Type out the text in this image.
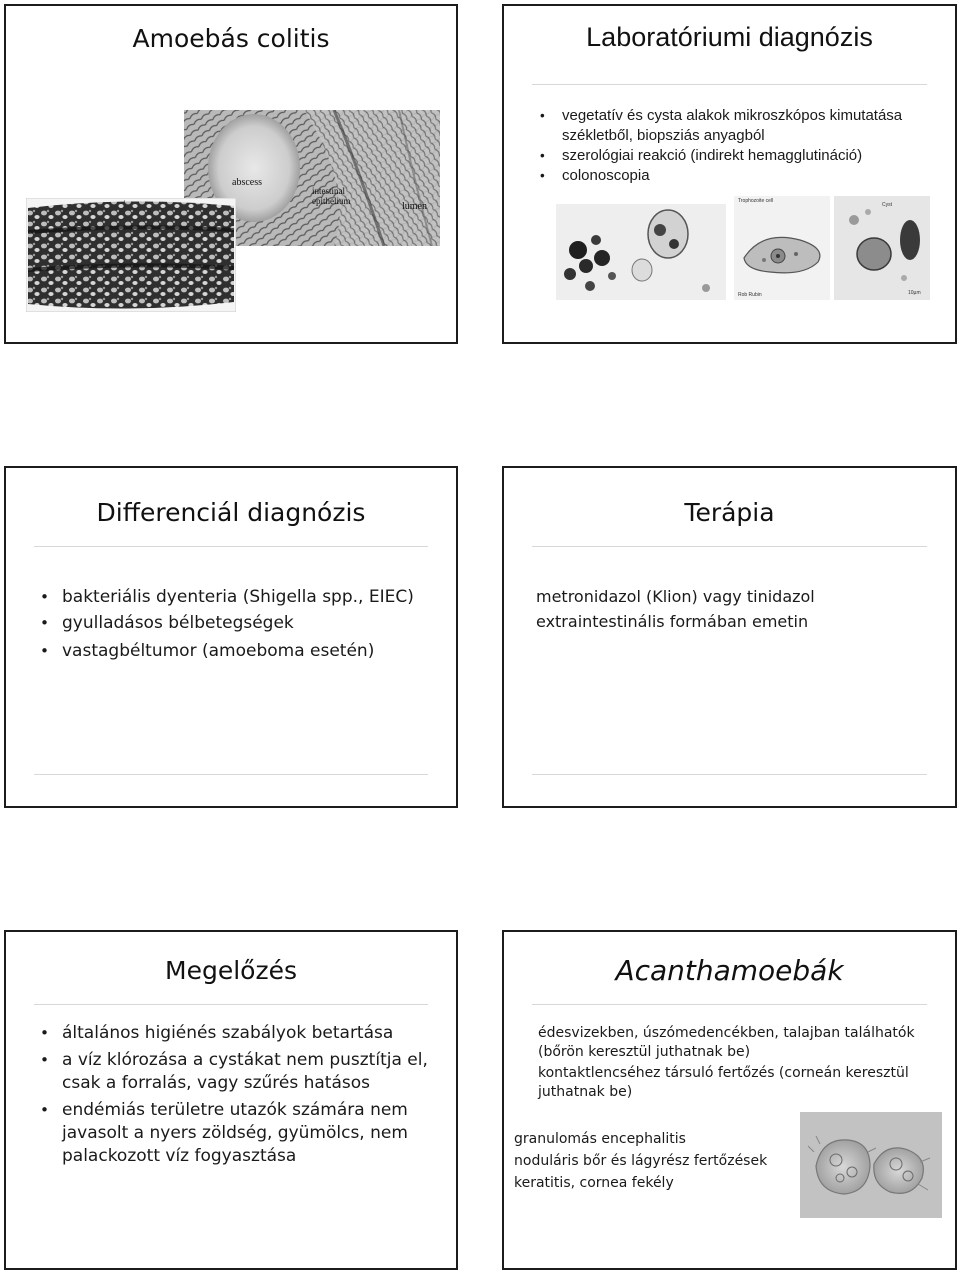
Amoebás colitis
abscess
intestinal epithelium	lumen
L
Laboratóriumi diagnózis
• vegetatív és cysta alakok mikroszkópos kimutatása székletből, biopsziás anyagból
• szerológiai reakció (indirekt hemagglutináció)
• colonoscopia
Trophozoite cell
Rob Rubin
Cyst
10µm
Differenciál diagnózis
• bakteriális dyenteria (Shigella spp., EIEC)
• gyulladásos bélbetegségek
• vastagbéltumor (amoeboma esetén)
Terápia
metronidazol (Klion) vagy tinidazol
extraintestinális formában emetin
Megelőzés
• általános higiénés szabályok betartása
• a víz klórozása a cystákat nem pusztítja el, csak a forralás, vagy szűrés hatásos
• endémiás területre utazók számára nem javasolt a nyers zöldség, gyümölcs, nem palackozott víz fogyasztása
Acanthamoebák
édesvizekben, úszómedencékben, talajban találhatók (bőrön keresztül juthatnak be)
kontaktlencséhez társuló fertőzés (corneán keresztül juthatnak be)
granulomás encephalitis
noduláris bőr és lágyrész fertőzések
keratitis, cornea fekély
